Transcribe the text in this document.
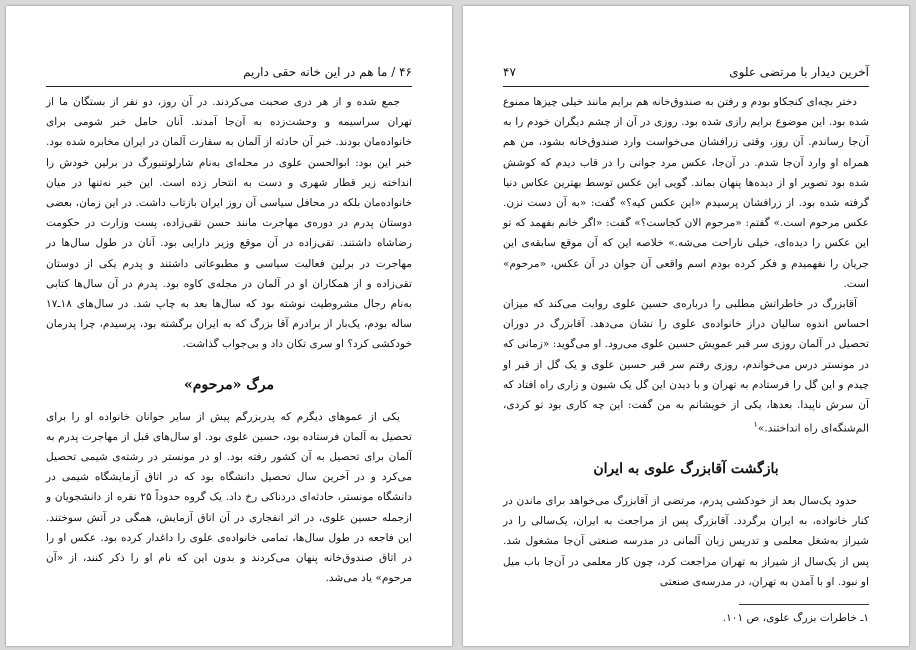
۴۶ / ما هم در این خانه حقی داریم

جمع شده و از هر دری صحبت می‌کردند. در آن روز، دو نفر از بستگان ما از تهران سراسیمه و وحشت‌زده به آن‌جا آمدند. آنان حامل خبر شومی برای خانواده‌مان بودند. خبر آن حادثه از آلمان به سفارت آلمان در ایران مخابره شده بود. خبر این بود: ابوالحسن علوی در محله‌ای به‌نام شارلوتنبورگ در برلین خودش را انداخته زیر قطار شهری و دست به انتحار زده است. این خبر نه‌تنها در میان خانواده‌مان بلکه در محافل سیاسی آن روز ایران بازتاب داشت. در این زمان، بعضی دوستان پدرم در دوره‌ی مهاجرت مانند حسن تقی‌زاده، پست وزارت در حکومت رضاشاه داشتند. تقی‌زاده در آن موقع وزیر دارایی بود. آنان در طول سال‌ها در مهاجرت در برلین فعالیت سیاسی و مطبوعاتی داشتند و پدرم یکی از دوستان تقی‌زاده و از همکاران او در آلمان در مجله‌ی کاوه بود. پدرم در آن سال‌ها کتابی به‌نام رجال مشروطیت نوشته بود که سال‌ها بعد به چاپ شد. در سال‌های ۱۸ـ۱۷ ساله بودم، یک‌بار از برادرم آقا بزرگ که به ایران برگشته بود، پرسیدم، چرا پدرمان خودکشی کرد؟ او سری تکان داد و بی‌جواب گذاشت.

مرگ «مرحوم»

یکی از عموهای دیگرم که پدربزرگم پیش از سایر جوانان خانواده او را برای تحصیل به آلمان فرستاده بود، حسین علوی بود. او سال‌های قبل از مهاجرت پدرم به آلمان برای تحصیل به آن کشور رفته بود. او در مونستر در رشته‌ی شیمی تحصیل می‌کرد و در آخرین سال تحصیل دانشگاه بود که در اتاق آزمایشگاه شیمی در دانشگاه مونستر، حادثه‌ای دردناکی رخ داد. یک گروه حدوداً ۲۵ نفره از دانشجویان و ازجمله حسین علوی، در اثر انفجاری در آن اتاق آزمایش، همگی در آتش سوختند. این فاجعه در طول سال‌ها، تمامی خانواده‌ی علوی را داغدار کرده بود. عکس او را در اتاق صندوق‌خانه پنهان می‌کردند و بدون این که نام او را ذکر کنند، از «آن مرحوم» یاد می‌شد.

آخرین دیدار با مرتضی علوی
۴۷

دختر بچه‌ای کنجکاو بودم و رفتن به صندوق‌خانه هم برایم مانند خیلی چیزها ممنوع شده بود. این موضوع برایم رازی شده بود. روزی در آن از چشم دیگران خودم را به آن‌جا رساندم. آن روز، وقتی زرافشان می‌خواست وارد صندوق‌خانه بشود، من هم همراه او وارد آن‌جا شدم. در آن‌جا، عکس مرد جوانی را در قاب دیدم که کوشش شده بود تصویر او از دیده‌ها پنهان بماند. گویی این عکس توسط بهترین عکاس دنیا گرفته شده بود. از زرافشان پرسیدم «این عکس کیه؟» گفت: «به آن دست نزن. عکس مرحوم است.» گفتم: «مرحوم الان کجاست؟» گفت: «اگر خانم بفهمد که تو این عکس را دیده‌ای، خیلی ناراحت می‌شه.» خلاصه این که آن موقع سابقه‌ی این جریان را نفهمیدم و فکر کرده بودم اسم واقعی آن جوان در آن عکس، «مرحوم» است.

آقابزرگ در خاطراتش مطلبی را درباره‌ی حسین علوی روایت می‌کند که میزان احساس اندوه سالیان دراز خانواده‌ی علوی را نشان می‌دهد. آقابزرگ در دوران تحصیل در آلمان روزی سر قبر عمویش حسین علوی می‌رود. او می‌گوید: «زمانی که در مونستر درس می‌خواندم، روزی رفتم سر قبر حسین علوی و یک گل از قبر او چیدم و این گل را فرستادم به تهران و با دیدن این گل یک شیون و زاری راه افتاد که آن سرش ناپیدا. بعدها، یکی از خویشانم به من گفت: این چه کاری بود تو کردی، الم‌شنگه‌ای راه انداختند.»$^۱$

بازگشت آقابزرگ علوی به ایران

حدود یک‌سال بعد از خودکشی پدرم، مرتضی از آقابزرگ می‌خواهد برای ماندن در کنار خانواده، به ایران برگردد. آقابزرگ پس از مراجعت به ایران، یک‌سالی را در شیراز به‌شغل معلمی و تدریس زبان آلمانی در مدرسه صنعتی آن‌جا مشغول شد. پس از یک‌سال از شیراز به تهران مراجعت کرد، چون کار معلمی در آن‌جا باب میل او نبود. او با آمدن به تهران، در مدرسه‌ی صنعتی

۱ـ خاطرات بزرگ علوی، ص ۱۰۱.
